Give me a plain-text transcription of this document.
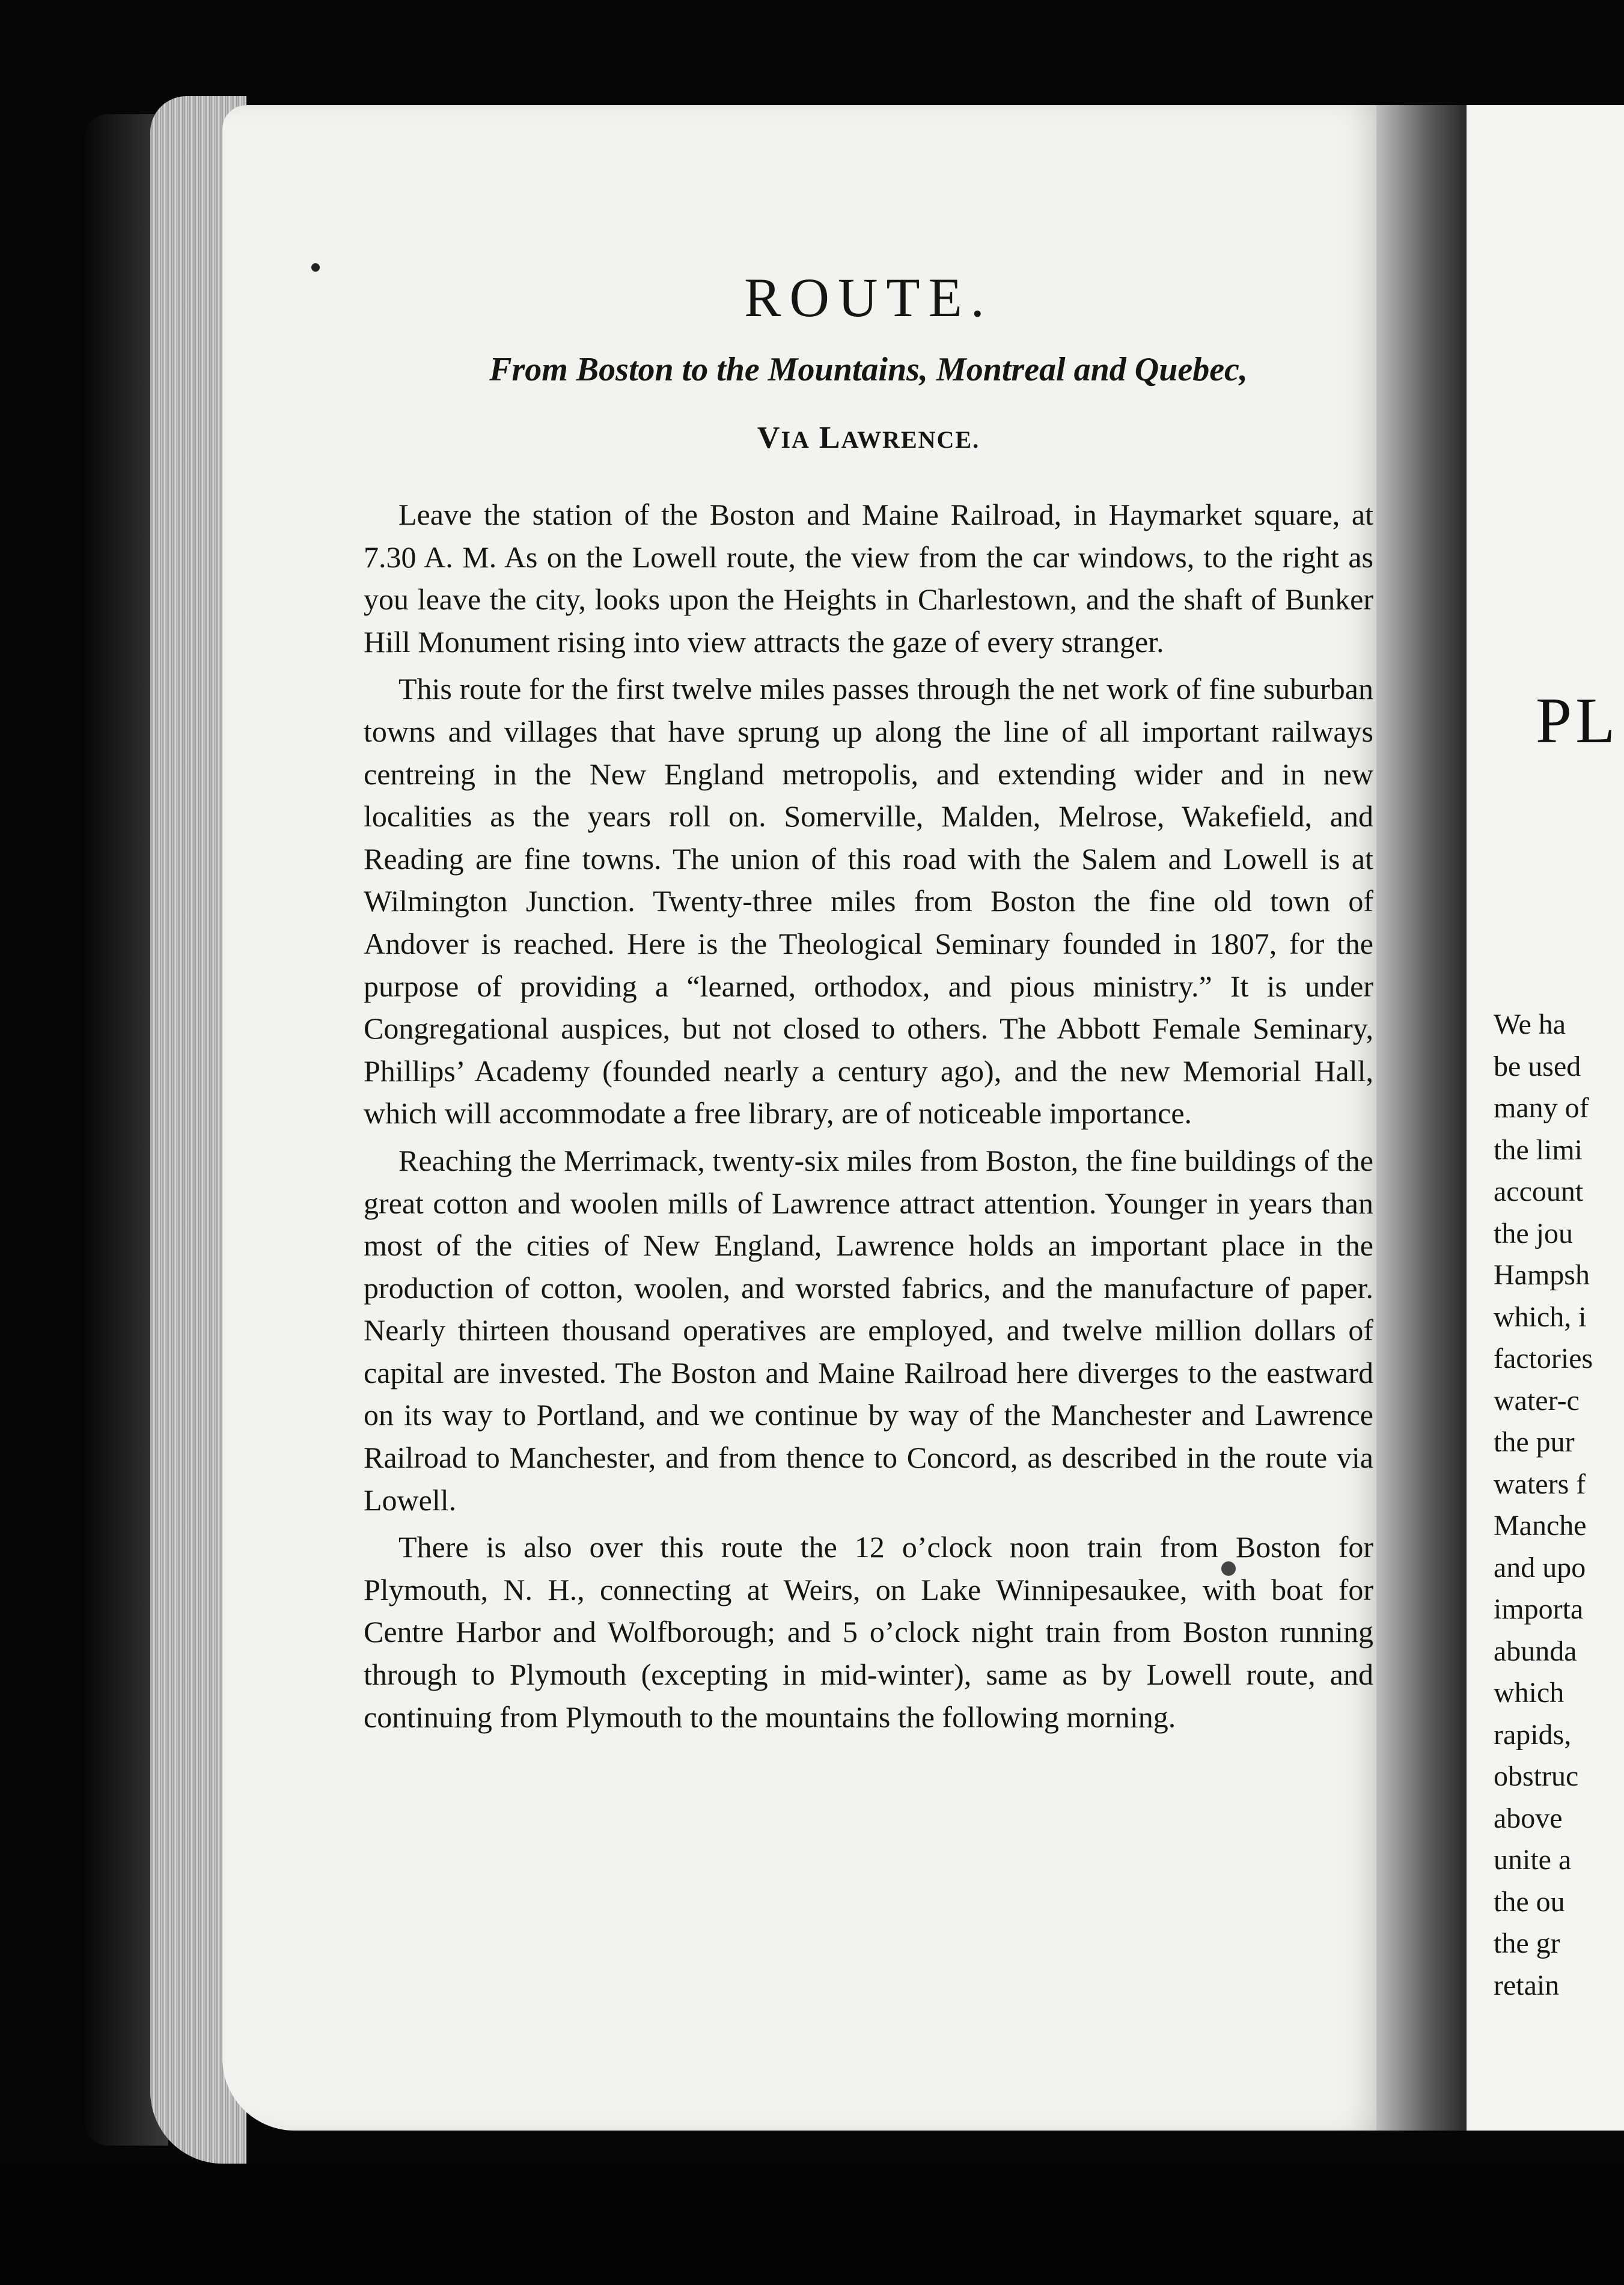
ROUTE.
From Boston to the Mountains, Montreal and Quebec,
VIA LAWRENCE.

Leave the station of the Boston and Maine Railroad, in Haymarket square, at 7.30 A. M. As on the Lowell route, the view from the car windows, to the right as you leave the city, looks upon the Heights in Charlestown, and the shaft of Bunker Hill Monument rising into view attracts the gaze of every stranger.

This route for the first twelve miles passes through the net work of fine suburban towns and villages that have sprung up along the line of all important railways centreing in the New England metropolis, and extending wider and in new localities as the years roll on. Somerville, Malden, Melrose, Wakefield, and Reading are fine towns. The union of this road with the Salem and Lowell is at Wilmington Junction. Twenty-three miles from Boston the fine old town of Andover is reached. Here is the Theological Seminary founded in 1807, for the purpose of providing a “learned, orthodox, and pious ministry.” It is under Congregational auspices, but not closed to others. The Abbott Female Seminary, Phillips’ Academy (founded nearly a century ago), and the new Memorial Hall, which will accommodate a free library, are of noticeable importance.

Reaching the Merrimack, twenty-six miles from Boston, the fine buildings of the great cotton and woolen mills of Lawrence attract attention. Younger in years than most of the cities of New England, Lawrence holds an important place in the production of cotton, woolen, and worsted fabrics, and the manufacture of paper. Nearly thirteen thousand operatives are employed, and twelve million dollars of capital are invested. The Boston and Maine Railroad here diverges to the eastward on its way to Portland, and we continue by way of the Manchester and Lawrence Railroad to Manchester, and from thence to Concord, as described in the route via Lowell.

There is also over this route the 12 o’clock noon train from Boston for Plymouth, N. H., connecting at Weirs, on Lake Winnipesaukee, with boat for Centre Harbor and Wolfborough; and 5 o’clock night train from Boston running through to Plymouth (excepting in mid-winter), same as by Lowell route, and continuing from Plymouth to the mountains the following morning.

PL
We ha
be used
many of
the limi
account
the jou
Hampsh
which, i
factories
water-c
the pur
waters f
Manche
and upo
importa
abunda
which
rapids,
obstruc
above
unite a
the ou
the gr
retain
